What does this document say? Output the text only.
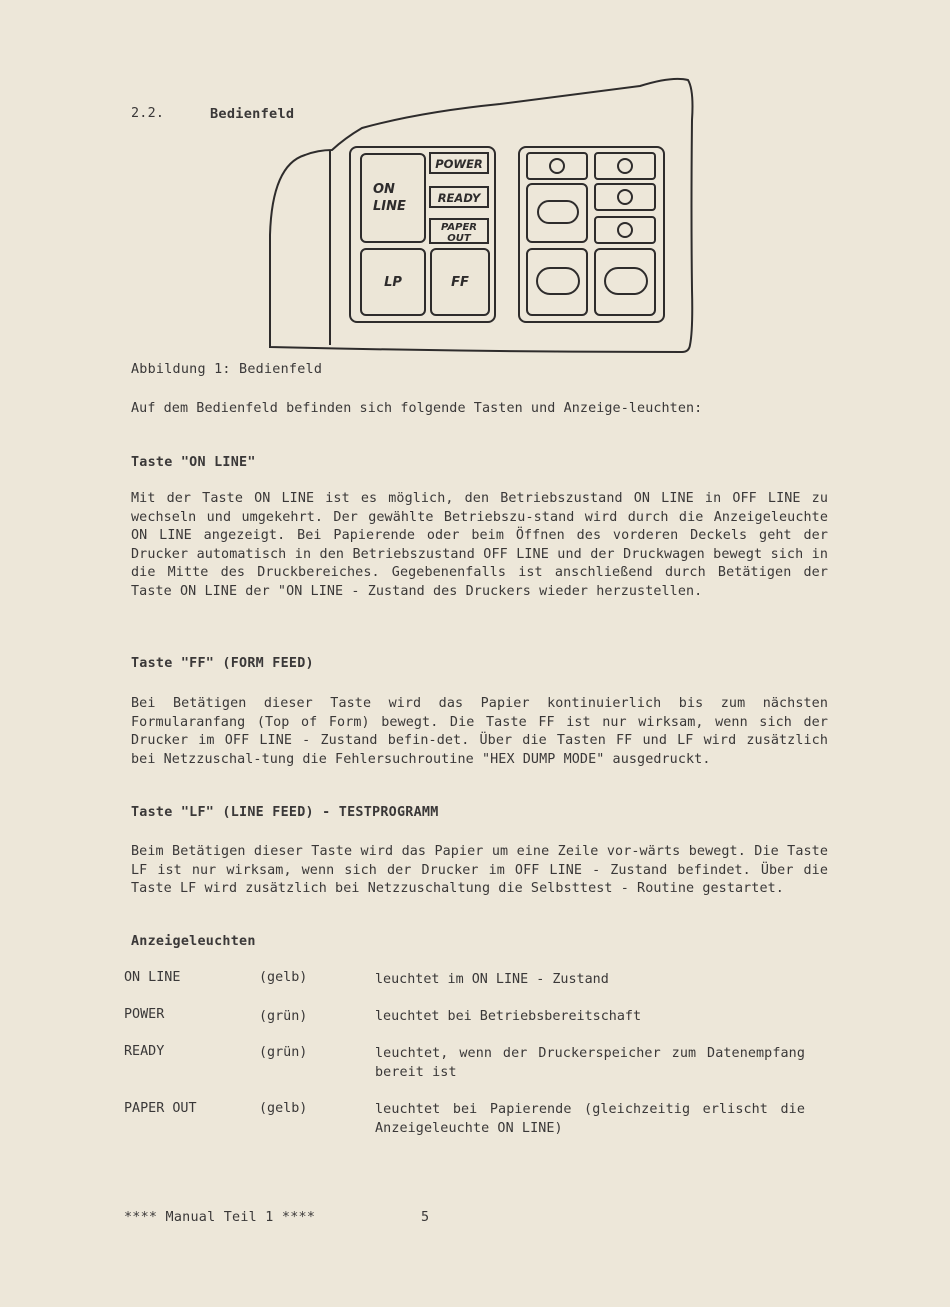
2.2.	Bedienfeld
ON
LINE
POWER
READY
PAPER
OUT
LP	FF
Abbildung 1: Bedienfeld

Auf dem Bedienfeld befinden sich folgende Tasten und Anzeige-leuchten:

Taste "ON LINE"

Mit der Taste ON LINE ist es möglich, den Betriebszustand ON LINE in OFF LINE zu wechseln und umgekehrt. Der gewählte Betriebszu-stand wird durch die Anzeigeleuchte ON LINE angezeigt. Bei Papierende oder beim Öffnen des vorderen Deckels geht der Drucker automatisch in den Betriebszustand OFF LINE und der Druckwagen bewegt sich in die Mitte des Druckbereiches. Gegebenenfalls ist anschließend durch Betätigen der Taste ON LINE der "ON LINE - Zustand des Druckers wieder herzustellen.

Taste "FF" (FORM FEED)

Bei Betätigen dieser Taste wird das Papier kontinuierlich bis zum nächsten Formularanfang (Top of Form) bewegt. Die Taste FF ist nur wirksam, wenn sich der Drucker im OFF LINE - Zustand befin-det. Über die Tasten FF und LF wird zusätzlich bei Netzzuschal-tung die Fehlersuchroutine "HEX DUMP MODE" ausgedruckt.

Taste "LF" (LINE FEED) - TESTPROGRAMM

Beim Betätigen dieser Taste wird das Papier um eine Zeile vor-wärts bewegt. Die Taste LF ist nur wirksam, wenn sich der Drucker im OFF LINE - Zustand befindet. Über die Taste LF wird zusätzlich bei Netzzuschaltung die Selbsttest - Routine gestartet.

Anzeigeleuchten
ON LINE	(gelb)	leuchtet im ON LINE - Zustand
POWER	(grün)	leuchtet bei Betriebsbereitschaft
READY	(grün)	leuchtet, wenn der Druckerspeicher zum Datenempfang bereit ist

PAPER OUT	(gelb)	leuchtet bei Papierende (gleichzeitig erlischt die Anzeigeleuchte ON LINE)

**** Manual Teil 1 ****	5
